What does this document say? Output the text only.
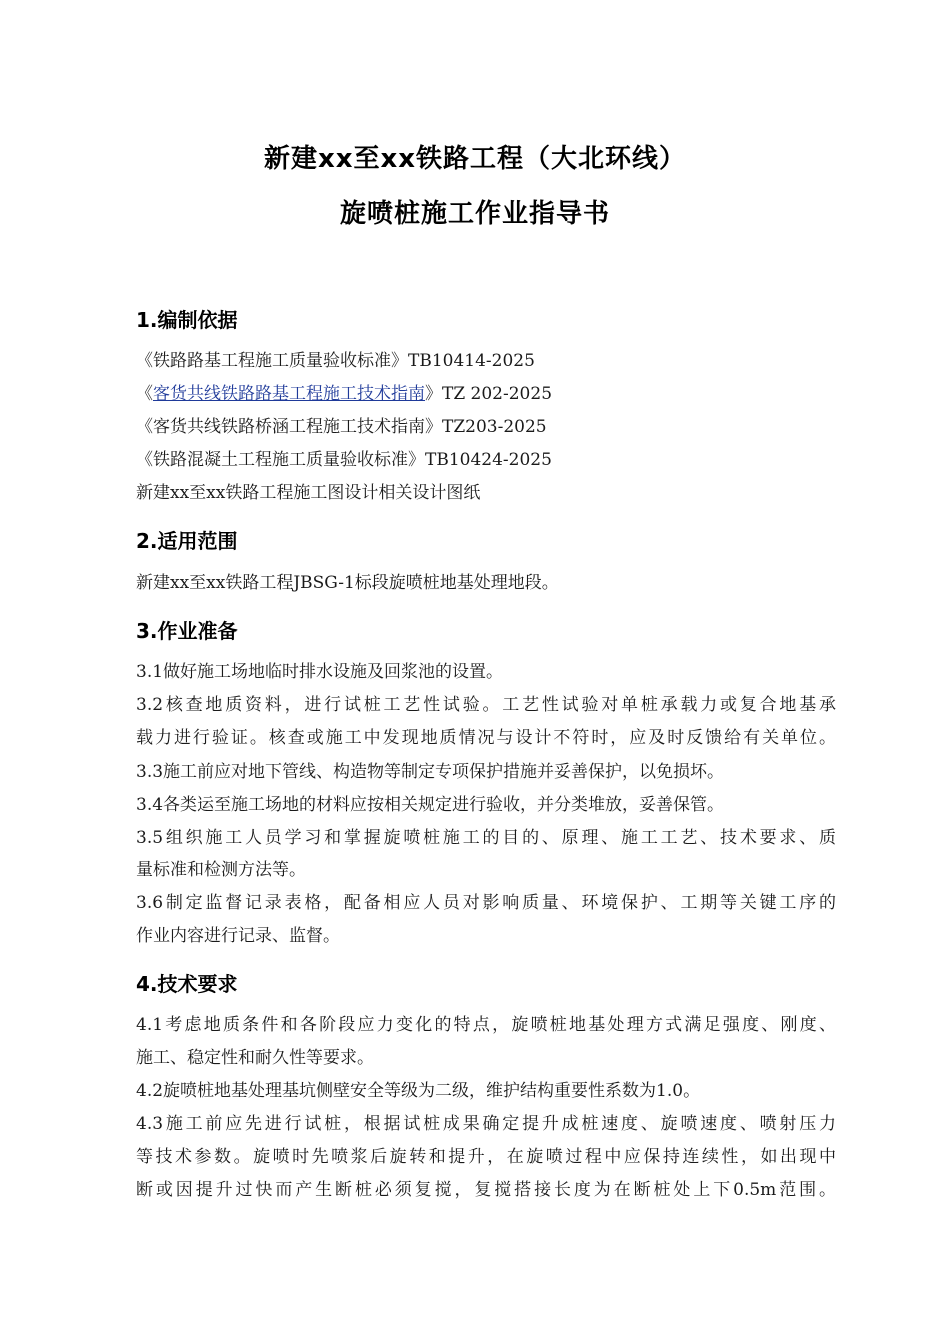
新建xx至xx铁路工程（大北环线）
旋喷桩施工作业指导书
1.编制依据
《铁路路基工程施工质量验收标准》TB10414-2025
《客货共线铁路路基工程施工技术指南》TZ 202-2025
《客货共线铁路桥涵工程施工技术指南》TZ203-2025
《铁路混凝土工程施工质量验收标准》TB10424-2025
新建xx至xx铁路工程施工图设计相关设计图纸
2.适用范围
新建xx至xx铁路工程JBSG-1标段旋喷桩地基处理地段。
3.作业准备
3.1做好施工场地临时排水设施及回浆池的设置。
3.2核查地质资料，进行试桩工艺性试验。工艺性试验对单桩承载力或复合地基承
载力进行验证。核查或施工中发现地质情况与设计不符时，应及时反馈给有关单位。
3.3施工前应对地下管线、构造物等制定专项保护措施并妥善保护，以免损坏。
3.4各类运至施工场地的材料应按相关规定进行验收，并分类堆放，妥善保管。
3.5组织施工人员学习和掌握旋喷桩施工的目的、原理、施工工艺、技术要求、质
量标准和检测方法等。
3.6制定监督记录表格，配备相应人员对影响质量、环境保护、工期等关键工序的
作业内容进行记录、监督。
4.技术要求
4.1考虑地质条件和各阶段应力变化的特点，旋喷桩地基处理方式满足强度、刚度、
施工、稳定性和耐久性等要求。
4.2旋喷桩地基处理基坑侧壁安全等级为二级，维护结构重要性系数为1.0。
4.3施工前应先进行试桩，根据试桩成果确定提升成桩速度、旋喷速度、喷射压力
等技术参数。旋喷时先喷浆后旋转和提升，在旋喷过程中应保持连续性，如出现中
断或因提升过快而产生断桩必须复搅，复搅搭接长度为在断桩处上下0.5m范围。
